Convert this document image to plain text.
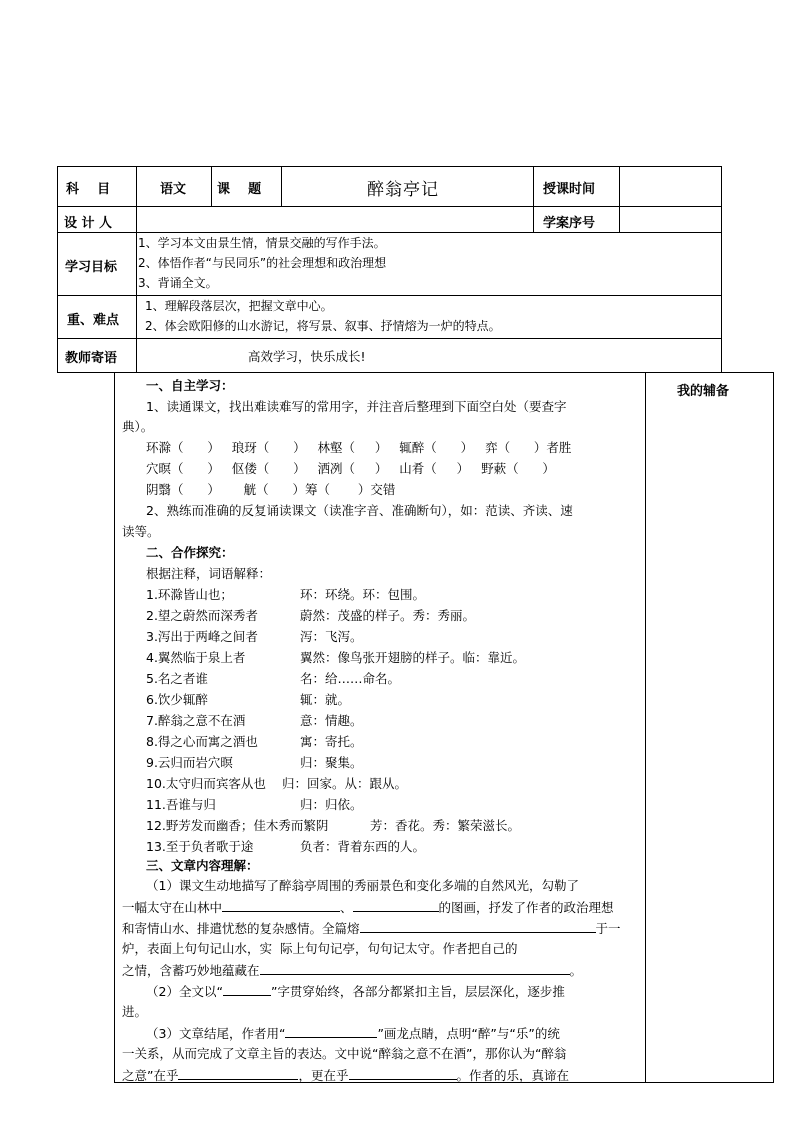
科    目	语文 课    题	醉翁亭记	授课时间
设 计 人	学案序号
学习目标
1、学习本文由景生情，情景交融的写作手法。
2、体悟作者“与民同乐”的社会理想和政治理想
3、背诵全文。
重、难点
1、理解段落层次，把握文章中心。
2、体会欧阳修的山水游记，将写景、叙事、抒情熔为一炉的特点。
教师寄语	高效学习，快乐成长!
我的辅备
一、自主学习：
1、读通课文，找出难读难写的常用字，并注音后整理到下面空白处（要查字
典）。
环滁（      ）   琅玡（      ）   林壑（     ）   辄醉（      ）   弈（      ）者胜
穴暝（      ）   伛偻（      ）   洒冽（     ）   山肴（     ）   野蔌（      ）
阴翳（      ）      觥（      ）筹（       ）交错
2、熟练而准确的反复诵读课文（读准字音、准确断句），如：范读、齐读、速
读等。
二、合作探究：
根据注释，词语解释：
1.环滁皆山也；	环：环绕。环：包围。
2.望之蔚然而深秀者	蔚然：茂盛的样子。秀：秀丽。
3.泻出于两峰之间者	泻：飞泻。
4.翼然临于泉上者	翼然：像鸟张开翅膀的样子。临：靠近。
5.名之者谁	名：给……命名。
6.饮少辄醉	辄：就。
7.醉翁之意不在酒	意：情趣。
8.得之心而寓之酒也	寓：寄托。
9.云归而岩穴暝	归：聚集。
10.太守归而宾客从也 归：回家。从：跟从。
11.吾谁与归	归：归依。
12.野芳发而幽香；佳木秀而繁阴	芳：香花。秀：繁荣滋长。
13.至于负者歌于途	负者：背着东西的人。
三、文章内容理解：
（1）课文生动地描写了醉翁亭周围的秀丽景色和变化多端的自然风光，勾勒了
一幅太守在山林中	、	的图画，抒发了作者的政治理想
和寄情山水、排遣忧愁的复杂感情。全篇熔	于一
炉，表面上句句记山水，实  际上句句记亭，句句记太守。作者把自己的
之情，含蓄巧妙地蕴藏在	。
（2）全文以“	”字贯穿始终，各部分都紧扣主旨，层层深化，逐步推
进。
（3）文章结尾，作者用“	”画龙点睛，点明“醉”与“乐”的统
一关系，从而完成了文章主旨的表达。文中说“醉翁之意不在酒”，那你认为“醉翁
之意”在乎	，更在乎	。作者的乐，真谛在
